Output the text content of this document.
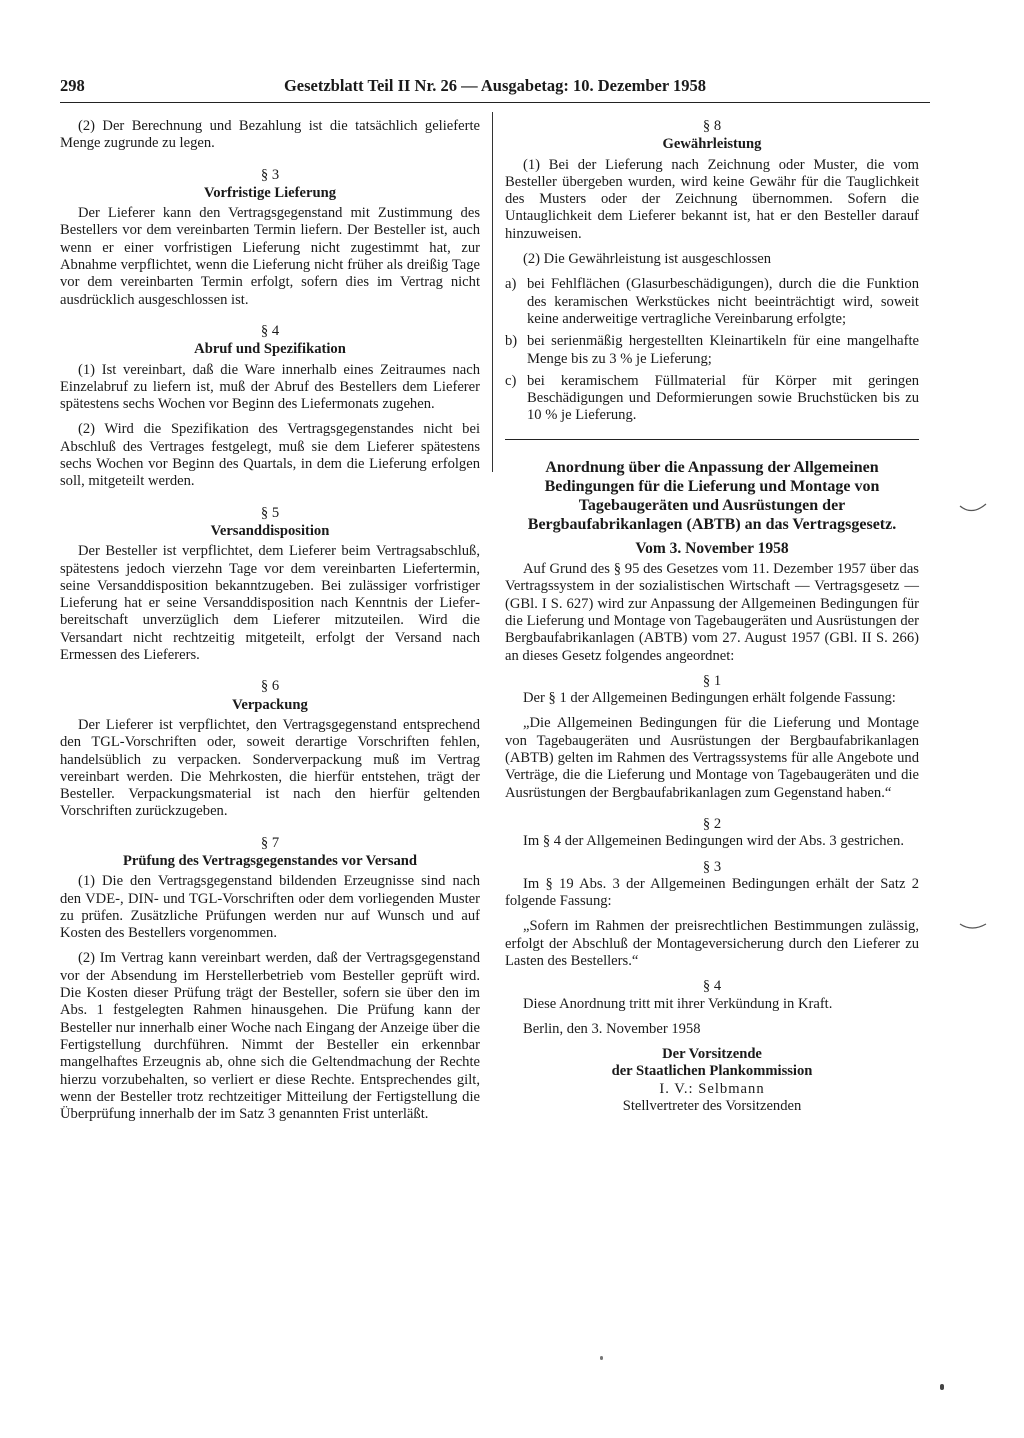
298	Gesetzblatt Teil II Nr. 26 — Ausgabetag: 10. Dezember 1958

(2) Der Berechnung und Bezahlung ist die tatsächlich gelieferte Menge zugrunde zu legen.

§ 3
Vorfristige Lieferung

Der Lieferer kann den Vertragsgegenstand mit Zustimmung des Bestellers vor dem vereinbarten Termin liefern. Der Besteller ist, auch wenn er einer vorfristigen Lieferung nicht zugestimmt hat, zur Abnahme verpflichtet, wenn die Lieferung nicht früher als dreißig Tage vor dem vereinbarten Termin erfolgt, sofern dies im Vertrag nicht ausdrücklich ausgeschlossen ist.

§ 4
Abruf und Spezifikation

(1) Ist vereinbart, daß die Ware innerhalb eines Zeitraumes nach Einzelabruf zu liefern ist, muß der Abruf des Bestellers dem Lieferer spätestens sechs Wochen vor Beginn des Liefermonats zugehen.

(2) Wird die Spezifikation des Vertragsgegenstandes nicht bei Abschluß des Vertrages festgelegt, muß sie dem Lieferer spätestens sechs Wochen vor Beginn des Quartals, in dem die Lieferung erfolgen soll, mitgeteilt werden.

§ 5
Versanddisposition

Der Besteller ist verpflichtet, dem Lieferer beim Vertragsabschluß, spätestens jedoch vierzehn Tage vor dem vereinbarten Liefertermin, seine Versanddisposition bekanntzugeben. Bei zulässiger vorfristiger Lieferung hat er seine Versanddisposition nach Kenntnis der Lieferbereitschaft unverzüglich dem Lieferer mitzuteilen. Wird die Versandart nicht rechtzeitig mitgeteilt, erfolgt der Versand nach Ermessen des Lieferers.

§ 6
Verpackung

Der Lieferer ist verpflichtet, den Vertragsgegenstand entsprechend den TGL-Vorschriften oder, soweit derartige Vorschriften fehlen, handelsüblich zu verpacken. Sonderverpackung muß im Vertrag vereinbart werden. Die Mehrkosten, die hierfür entstehen, trägt der Besteller. Verpackungsmaterial ist nach den hierfür geltenden Vorschriften zurückzugeben.

§ 7
Prüfung des Vertragsgegenstandes vor Versand

(1) Die den Vertragsgegenstand bildenden Erzeugnisse sind nach den VDE-, DIN- und TGL-Vorschriften oder dem vorliegenden Muster zu prüfen. Zusätzliche Prüfungen werden nur auf Wunsch und auf Kosten des Bestellers vorgenommen.

(2) Im Vertrag kann vereinbart werden, daß der Vertragsgegenstand vor der Absendung im Herstellerbetrieb vom Besteller geprüft wird. Die Kosten dieser Prüfung trägt der Besteller, sofern sie über den im Abs. 1 festgelegten Rahmen hinausgehen. Die Prüfung kann der Besteller nur innerhalb einer Woche nach Eingang der Anzeige über die Fertigstellung durchführen. Nimmt der Besteller ein erkennbar mangelhaftes Erzeugnis ab, ohne sich die Geltendmachung der Rechte hierzu vorzubehalten, so verliert er diese Rechte. Entsprechendes gilt, wenn der Besteller trotz rechtzeitiger Mitteilung der Fertigstellung die Überprüfung innerhalb der im Satz 3 genannten Frist unterläßt.

§ 8
Gewährleistung

(1) Bei der Lieferung nach Zeichnung oder Muster, die vom Besteller übergeben wurden, wird keine Gewähr für die Tauglichkeit des Musters oder der Zeichnung übernommen. Sofern die Untauglichkeit dem Lieferer bekannt ist, hat er den Besteller darauf hinzuweisen.

(2) Die Gewährleistung ist ausgeschlossen

a) bei Fehlflächen (Glasurbeschädigungen), durch die die Funktion des keramischen Werkstückes nicht beeinträchtigt wird, soweit keine anderweitige vertragliche Vereinbarung erfolgte;
b) bei serienmäßig hergestellten Kleinartikeln für eine mangelhafte Menge bis zu 3 % je Lieferung;
c) bei keramischem Füllmaterial für Körper mit geringen Beschädigungen und Deformierungen sowie Bruchstücken bis zu 10 % je Lieferung.
Anordnung über die Anpassung der Allgemeinen Bedingungen für die Lieferung und Montage von Tagebaugeräten und Ausrüstungen der Bergbaufabrikanlagen (ABTB) an das Vertragsgesetz.
Vom 3. November 1958

Auf Grund des § 95 des Gesetzes vom 11. Dezember 1957 über das Vertragssystem in der sozialistischen Wirtschaft — Vertragsgesetz — (GBl. I S. 627) wird zur Anpassung der Allgemeinen Bedingungen für die Lieferung und Montage von Tagebaugeräten und Ausrüstungen der Bergbaufabrikanlagen (ABTB) vom 27. August 1957 (GBl. II S. 266) an dieses Gesetz folgendes angeordnet:

§ 1

Der § 1 der Allgemeinen Bedingungen erhält folgende Fassung:

„Die Allgemeinen Bedingungen für die Lieferung und Montage von Tagebaugeräten und Ausrüstungen der Bergbaufabrikanlagen (ABTB) gelten im Rahmen des Vertragssystems für alle Angebote und Verträge, die die Lieferung und Montage von Tagebaugeräten und die Ausrüstungen der Bergbaufabrikanlagen zum Gegenstand haben.“

§ 2

Im § 4 der Allgemeinen Bedingungen wird der Abs. 3 gestrichen.

§ 3

Im § 19 Abs. 3 der Allgemeinen Bedingungen erhält der Satz 2 folgende Fassung:

„Sofern im Rahmen der preisrechtlichen Bestimmungen zulässig, erfolgt der Abschluß der Montageversicherung durch den Lieferer zu Lasten des Bestellers.“

§ 4

Diese Anordnung tritt mit ihrer Verkündung in Kraft.

Berlin, den 3. November 1958

Der Vorsitzende
der Staatlichen Plankommission
I. V.: Selbmann
Stellvertreter des Vorsitzenden
